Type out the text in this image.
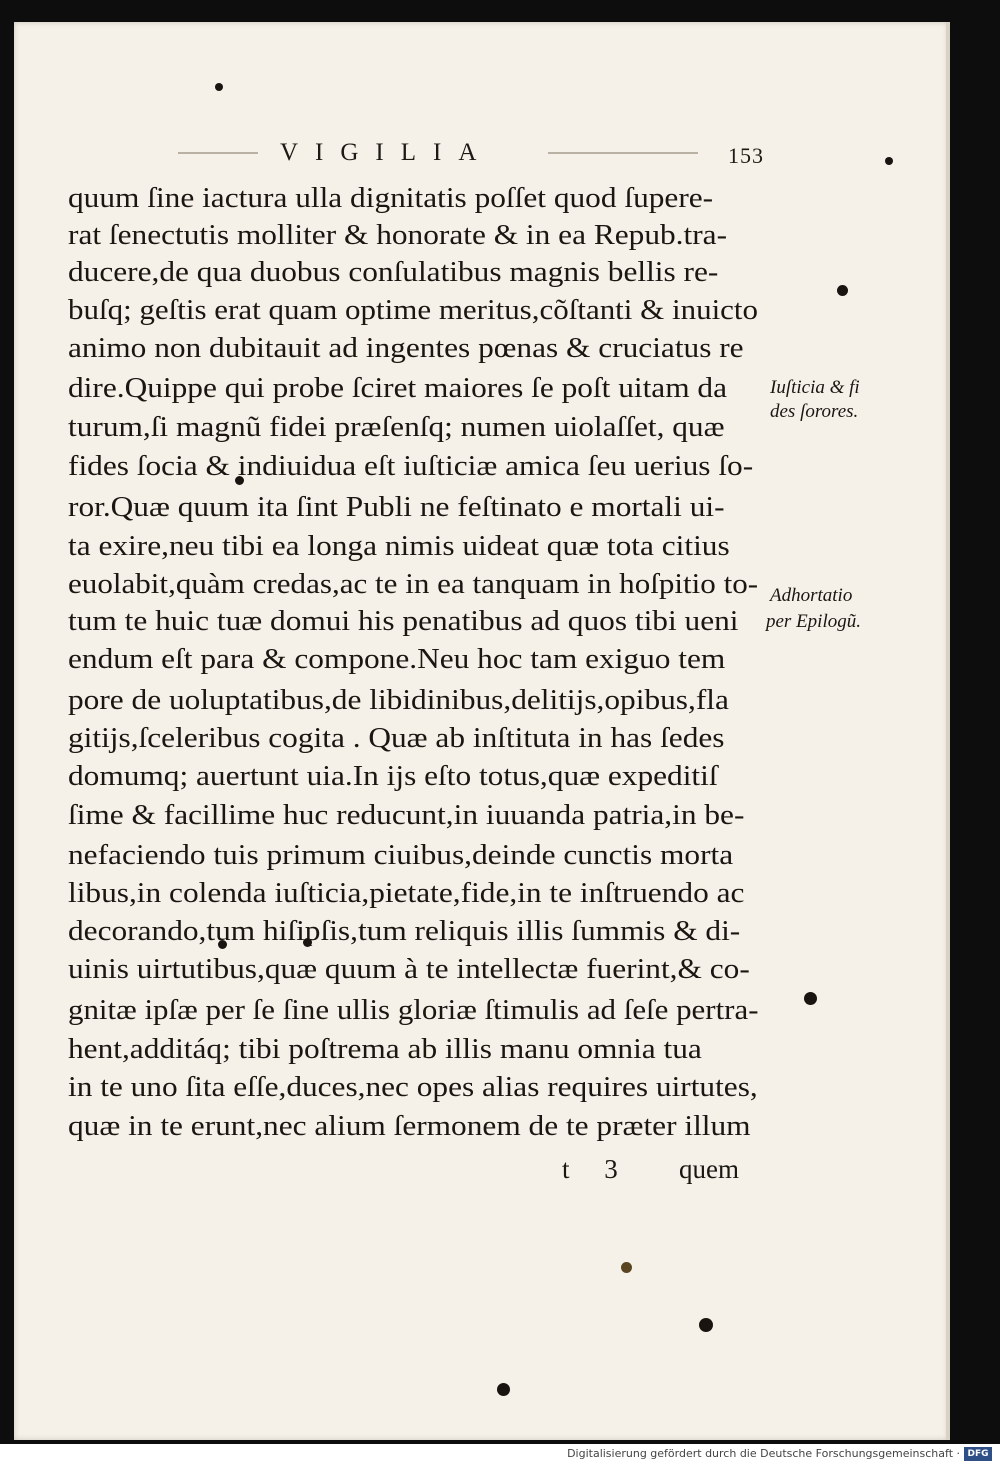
VIGILIA	153
quum ſine iactura ulla dignitatis poſſet quod ſupere-
rat ſenectutis molliter & honorate & in ea Repub.tra-
ducere,de qua duobus conſulatibus magnis bellis re-
buſq; geſtis erat quam optime meritus,cõſtanti & inuicto
animo non dubitauit ad ingentes pœnas & cruciatus re
dire.Quippe qui probe ſciret maiores ſe poſt uitam da
turum,ſi magnũ fidei præſenſq; numen uiolaſſet, quæ
fides ſocia & indiuidua eſt iuſticiæ amica ſeu uerius ſo-
ror.Quæ quum ita ſint Publi ne feſtinato e mortali ui-
ta exire,neu tibi ea longa nimis uideat quæ tota citius
euolabit,quàm credas,ac te in ea tanquam in hoſpitio to-
tum te huic tuæ domui his penatibus ad quos tibi ueni
endum eſt para & compone.Neu hoc tam exiguo tem
pore de uoluptatibus,de libidinibus,delitijs,opibus,fla
gitijs,ſceleribus cogita . Quæ ab inſtituta in has ſedes
domumq; auertunt uia.In ijs eſto totus,quæ expeditiſ
ſime & facillime huc reducunt,in iuuanda patria,in be-
nefaciendo tuis primum ciuibus,deinde cunctis morta
libus,in colenda iuſticia,pietate,fide,in te inſtruendo ac
decorando,tum hiſipſis,tum reliquis illis ſummis & di-
uinis uirtutibus,quæ quum à te intellectæ fuerint,& co-
gnitæ ipſæ per ſe ſine ullis gloriæ ſtimulis ad ſeſe pertra-
hent,additáq; tibi poſtrema ab illis manu omnia tua
in te uno ſita eſſe,duces,nec opes alias requires uirtutes,
quæ in te erunt,nec alium ſermonem de te præter illum
Iuſticia & fi
des ſorores.
Adhortatio
per Epilogũ.
t 3 quem
Digitalisierung gefördert durch die Deutsche Forschungsgemeinschaft · DFG
